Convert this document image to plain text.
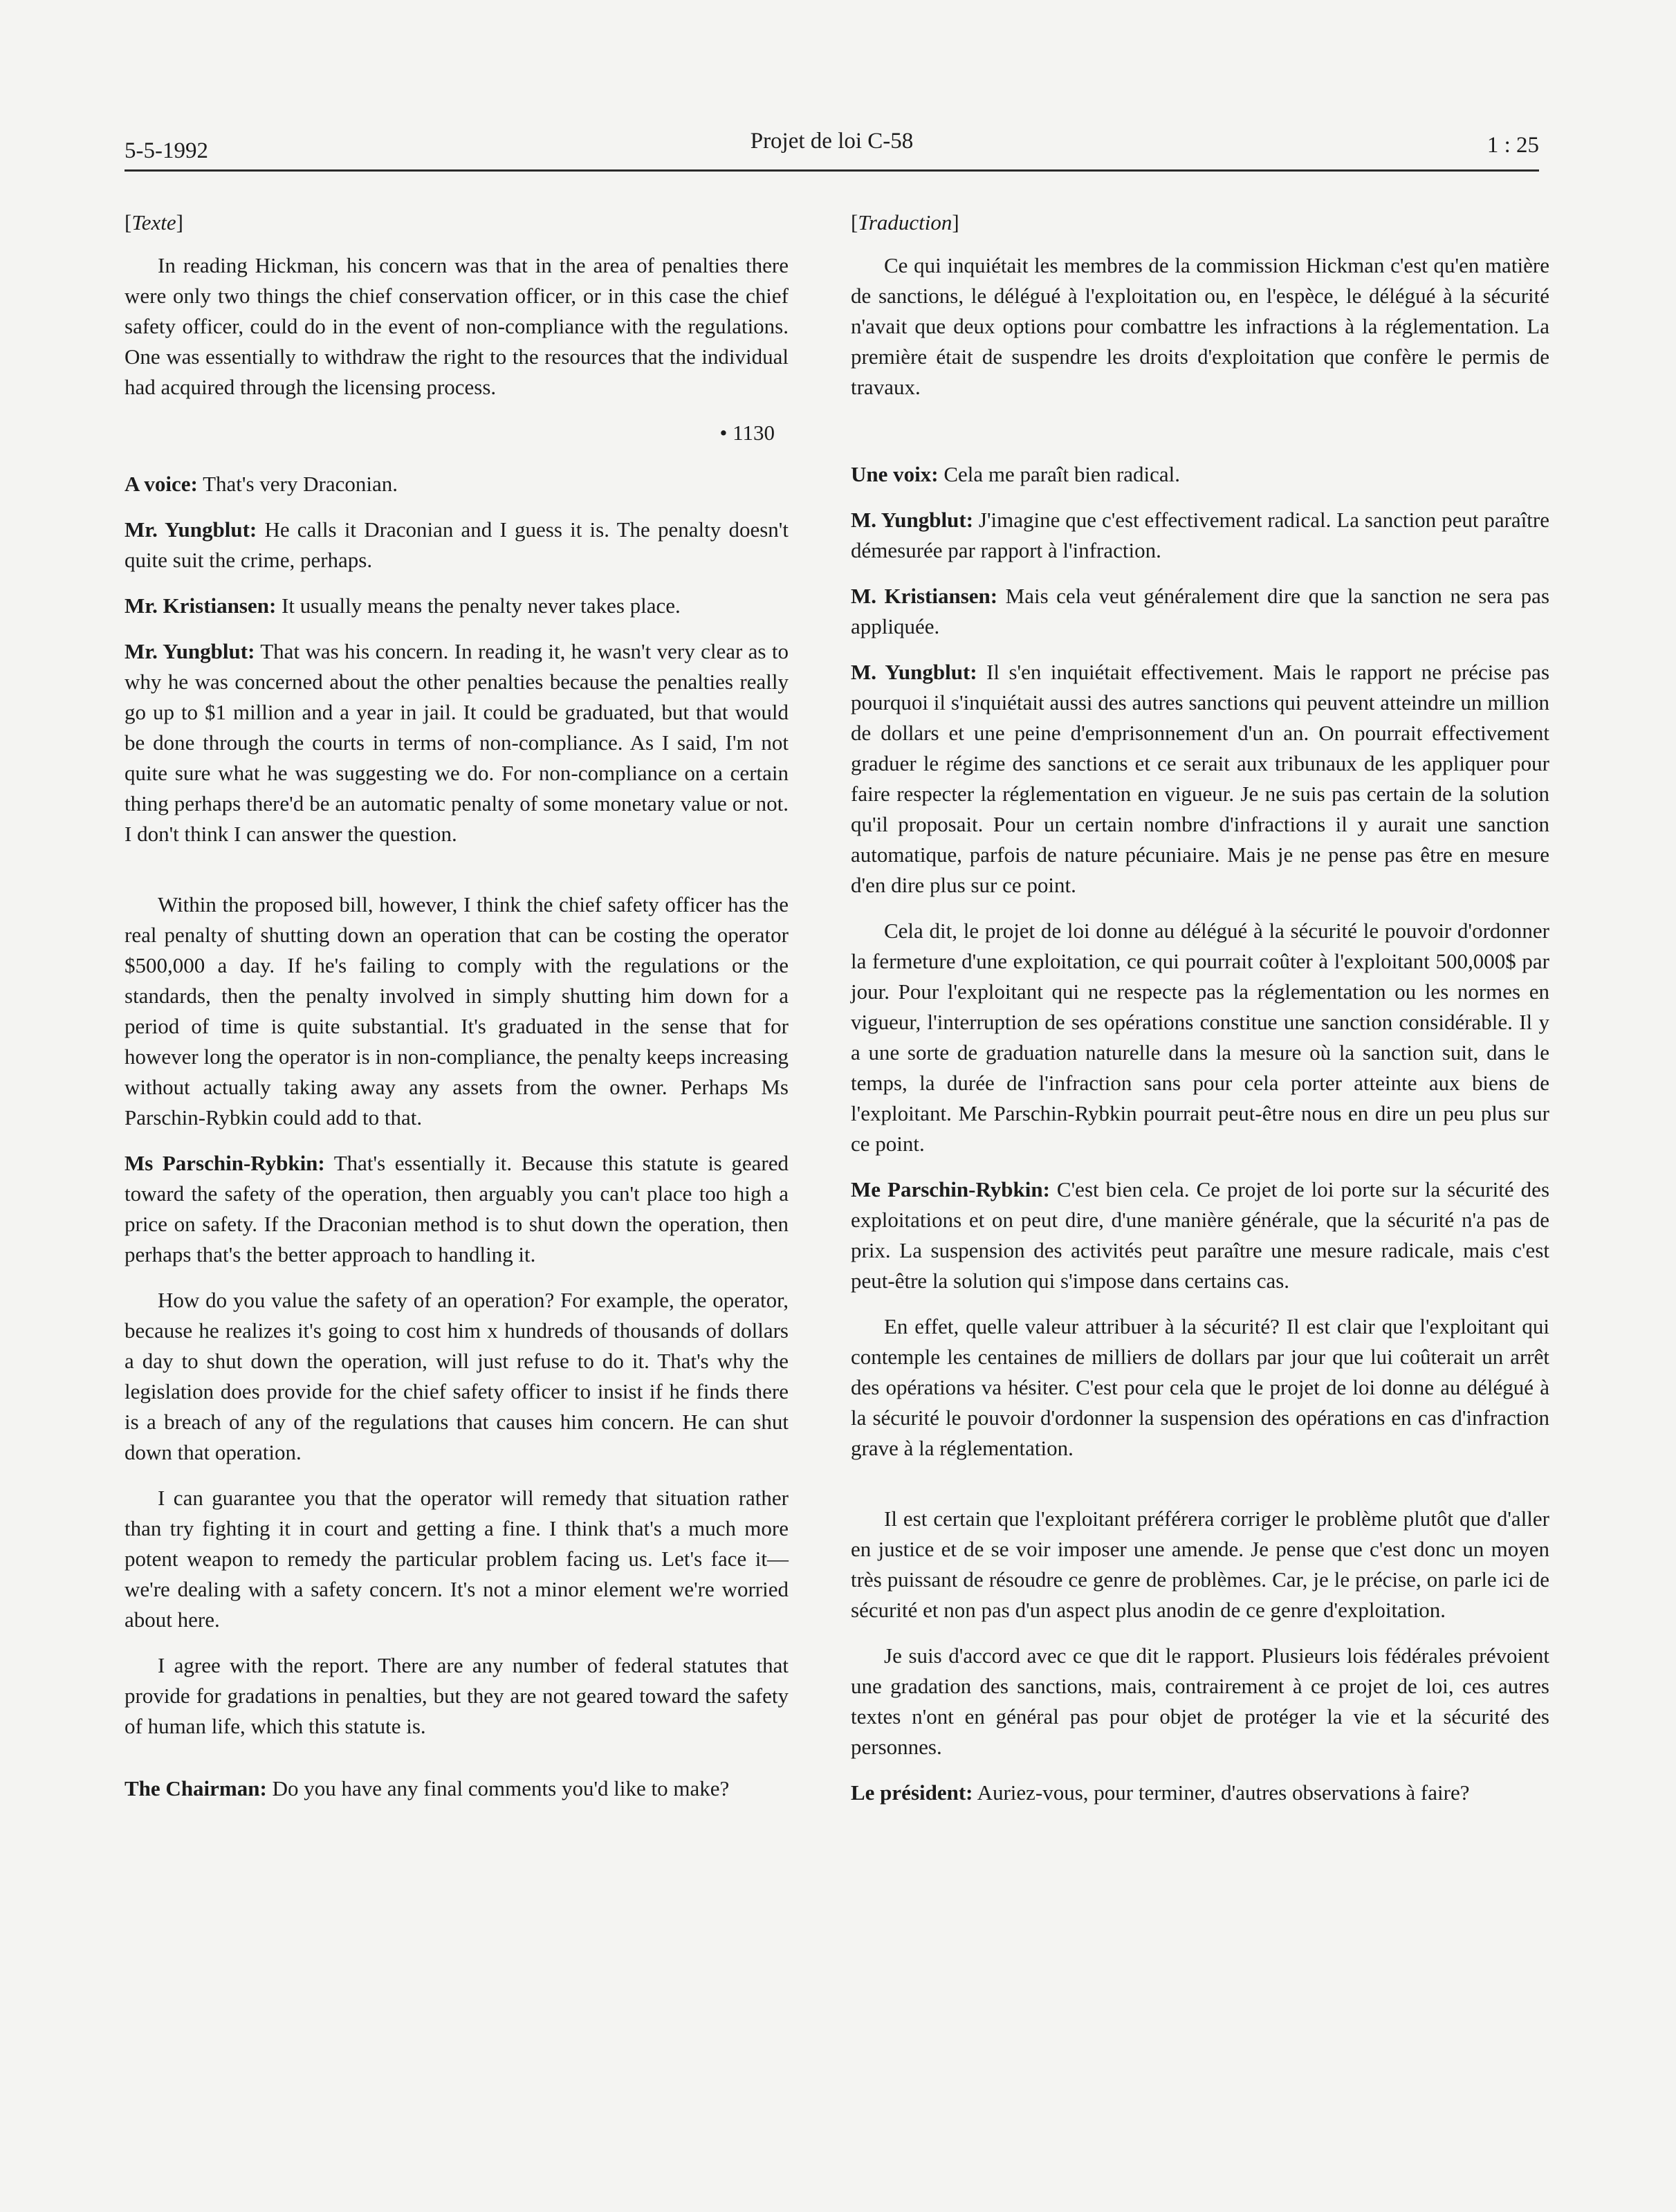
5-5-1992	Projet de loi C-58	1 : 25
[Texte]

In reading Hickman, his concern was that in the area of penalties there were only two things the chief conservation officer, or in this case the chief safety officer, could do in the event of non-compliance with the regulations. One was essentially to withdraw the right to the resources that the individual had acquired through the licensing process.

• 1130

A voice: That's very Draconian.

Mr. Yungblut: He calls it Draconian and I guess it is. The penalty doesn't quite suit the crime, perhaps.

Mr. Kristiansen: It usually means the penalty never takes place.

Mr. Yungblut: That was his concern. In reading it, he wasn't very clear as to why he was concerned about the other penalties because the penalties really go up to $1 million and a year in jail. It could be graduated, but that would be done through the courts in terms of non-compliance. As I said, I'm not quite sure what he was suggesting we do. For non-compliance on a certain thing perhaps there'd be an automatic penalty of some monetary value or not. I don't think I can answer the question.

Within the proposed bill, however, I think the chief safety officer has the real penalty of shutting down an operation that can be costing the operator $500,000 a day. If he's failing to comply with the regulations or the standards, then the penalty involved in simply shutting him down for a period of time is quite substantial. It's graduated in the sense that for however long the operator is in non-compliance, the penalty keeps increasing without actually taking away any assets from the owner. Perhaps Ms Parschin-Rybkin could add to that.

Ms Parschin-Rybkin: That's essentially it. Because this statute is geared toward the safety of the operation, then arguably you can't place too high a price on safety. If the Draconian method is to shut down the operation, then perhaps that's the better approach to handling it.

How do you value the safety of an operation? For example, the operator, because he realizes it's going to cost him x hundreds of thousands of dollars a day to shut down the operation, will just refuse to do it. That's why the legislation does provide for the chief safety officer to insist if he finds there is a breach of any of the regulations that causes him concern. He can shut down that operation.

I can guarantee you that the operator will remedy that situation rather than try fighting it in court and getting a fine. I think that's a much more potent weapon to remedy the particular problem facing us. Let's face it—we're dealing with a safety concern. It's not a minor element we're worried about here.

I agree with the report. There are any number of federal statutes that provide for gradations in penalties, but they are not geared toward the safety of human life, which this statute is.

The Chairman: Do you have any final comments you'd like to make?

[Traduction]

Ce qui inquiétait les membres de la commission Hickman c'est qu'en matière de sanctions, le délégué à l'exploitation ou, en l'espèce, le délégué à la sécurité n'avait que deux options pour combattre les infractions à la réglementation. La première était de suspendre les droits d'exploitation que confère le permis de travaux.

Une voix: Cela me paraît bien radical.

M. Yungblut: J'imagine que c'est effectivement radical. La sanction peut paraître démesurée par rapport à l'infraction.

M. Kristiansen: Mais cela veut généralement dire que la sanction ne sera pas appliquée.

M. Yungblut: Il s'en inquiétait effectivement. Mais le rapport ne précise pas pourquoi il s'inquiétait aussi des autres sanctions qui peuvent atteindre un million de dollars et une peine d'emprisonnement d'un an. On pourrait effectivement graduer le régime des sanctions et ce serait aux tribunaux de les appliquer pour faire respecter la réglementation en vigueur. Je ne suis pas certain de la solution qu'il proposait. Pour un certain nombre d'infractions il y aurait une sanction automatique, parfois de nature pécuniaire. Mais je ne pense pas être en mesure d'en dire plus sur ce point.

Cela dit, le projet de loi donne au délégué à la sécurité le pouvoir d'ordonner la fermeture d'une exploitation, ce qui pourrait coûter à l'exploitant 500,000$ par jour. Pour l'exploitant qui ne respecte pas la réglementation ou les normes en vigueur, l'interruption de ses opérations constitue une sanction considérable. Il y a une sorte de graduation naturelle dans la mesure où la sanction suit, dans le temps, la durée de l'infraction sans pour cela porter atteinte aux biens de l'exploitant. Me Parschin-Rybkin pourrait peut-être nous en dire un peu plus sur ce point.

Me Parschin-Rybkin: C'est bien cela. Ce projet de loi porte sur la sécurité des exploitations et on peut dire, d'une manière générale, que la sécurité n'a pas de prix. La suspension des activités peut paraître une mesure radicale, mais c'est peut-être la solution qui s'impose dans certains cas.

En effet, quelle valeur attribuer à la sécurité? Il est clair que l'exploitant qui contemple les centaines de milliers de dollars par jour que lui coûterait un arrêt des opérations va hésiter. C'est pour cela que le projet de loi donne au délégué à la sécurité le pouvoir d'ordonner la suspension des opérations en cas d'infraction grave à la réglementation.

Il est certain que l'exploitant préférera corriger le problème plutôt que d'aller en justice et de se voir imposer une amende. Je pense que c'est donc un moyen très puissant de résoudre ce genre de problèmes. Car, je le précise, on parle ici de sécurité et non pas d'un aspect plus anodin de ce genre d'exploitation.

Je suis d'accord avec ce que dit le rapport. Plusieurs lois fédérales prévoient une gradation des sanctions, mais, contrairement à ce projet de loi, ces autres textes n'ont en général pas pour objet de protéger la vie et la sécurité des personnes.

Le président: Auriez-vous, pour terminer, d'autres observations à faire?
